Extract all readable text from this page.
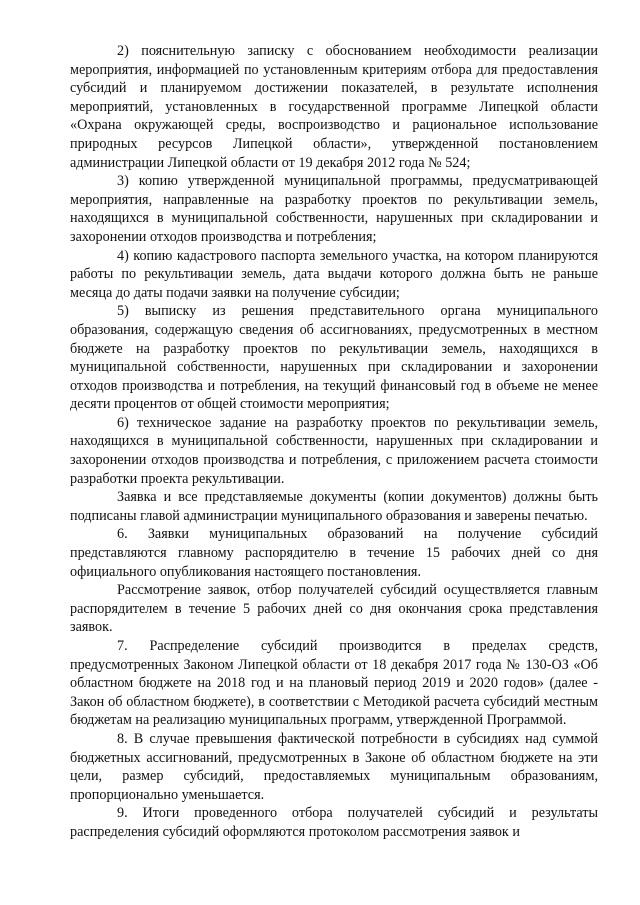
2) пояснительную записку с обоснованием необходимости реализации мероприятия, информацией по установленным критериям отбора для предоставления субсидий и планируемом достижении показателей, в результате исполнения мероприятий, установленных в государственной программе Липецкой области «Охрана окружающей среды, воспроизводство и рациональное использование природных ресурсов Липецкой области», утвержденной постановлением администрации Липецкой области от 19 декабря 2012 года № 524;

3) копию утвержденной муниципальной программы, предусматривающей мероприятия, направленные на разработку проектов по рекультивации земель, находящихся в муниципальной собственности, нарушенных при складировании и захоронении отходов производства и потребления;

4) копию кадастрового паспорта земельного участка, на котором планируются работы по рекультивации земель, дата выдачи которого должна быть не раньше месяца до даты подачи заявки на получение субсидии;

5) выписку из решения представительного органа муниципального образования, содержащую сведения об ассигнованиях, предусмотренных в местном бюджете на разработку проектов по рекультивации земель, находящихся в муниципальной собственности, нарушенных при складировании и захоронении отходов производства и потребления, на текущий финансовый год в объеме не менее десяти процентов от общей стоимости мероприятия;

6) техническое задание на разработку проектов по рекультивации земель, находящихся в муниципальной собственности, нарушенных при складировании и захоронении отходов производства и потребления, с приложением расчета стоимости разработки проекта рекультивации.

Заявка и все представляемые документы (копии документов) должны быть подписаны главой администрации муниципального образования и заверены печатью.

6. Заявки муниципальных образований на получение субсидий представляются главному распорядителю в течение 15 рабочих дней со дня официального опубликования настоящего постановления.

Рассмотрение заявок, отбор получателей субсидий осуществляется главным распорядителем в течение 5 рабочих дней со дня окончания срока представления заявок.

7. Распределение субсидий производится в пределах средств, предусмотренных Законом Липецкой области от 18 декабря 2017 года № 130-ОЗ «Об областном бюджете на 2018 год и на плановый период 2019 и 2020 годов» (далее - Закон об областном бюджете), в соответствии с Методикой расчета субсидий местным бюджетам на реализацию муниципальных программ, утвержденной Программой.

8. В случае превышения фактической потребности в субсидиях над суммой бюджетных ассигнований, предусмотренных в Законе об областном бюджете на эти цели, размер субсидий, предоставляемых муниципальным образованиям, пропорционально уменьшается.

9. Итоги проведенного отбора получателей субсидий и результаты распределения субсидий оформляются протоколом рассмотрения заявок и
